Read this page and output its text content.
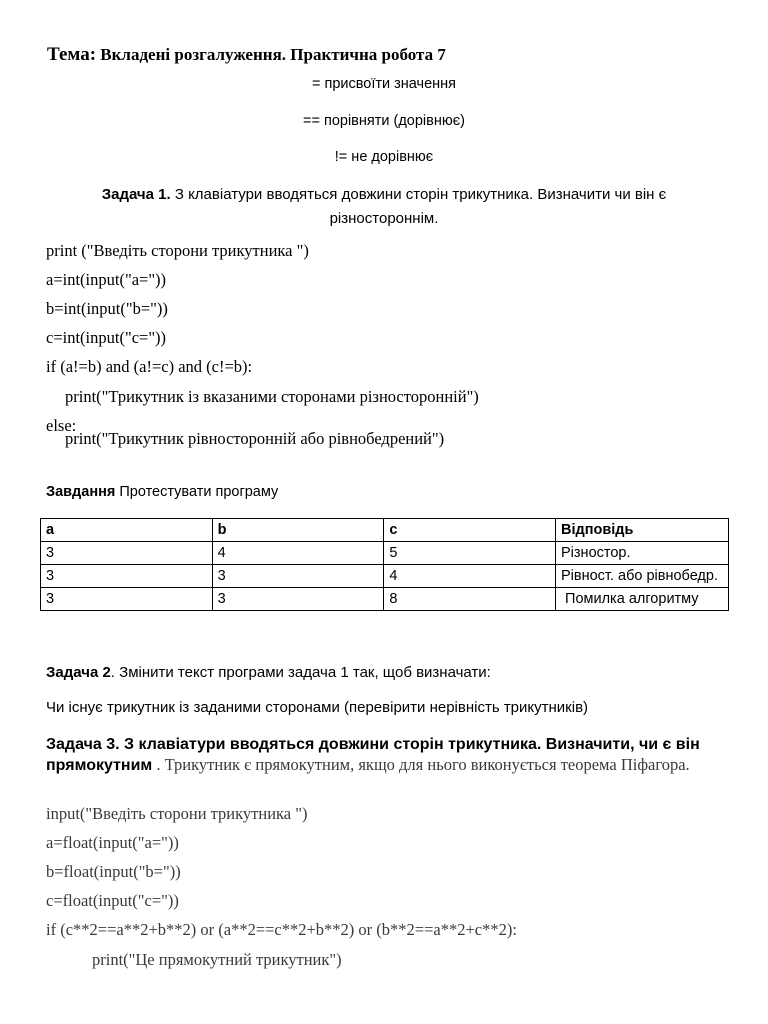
Тема: Вкладені розгалуження. Практична робота 7
= присвоїти значення
== порівняти (дорівнює)
!= не дорівнює
Задача 1. З клавіатури вводяться довжини сторін трикутника. Визначити чи він є різностороннім.
print ("Введіть сторони трикутника ")
a=int(input("a="))
b=int(input("b="))
c=int(input("c="))
if (a!=b) and (a!=c) and (c!=b):
print("Трикутник із вказаними сторонами різносторонній")
else:
print("Трикутник рівносторонній або рівнобедрений")
Завдання Протестувати програму
a	b	c	Відповідь
3	4	5	Різностор.
3	3	4	Рівност. або рівнобедр.
3	3	8	Помилка алгоритму
Задача 2. Змінити текст програми задача 1 так, щоб визначати:
Чи існує трикутник із заданими сторонами (перевірити нерівність трикутників)
Задача 3. З клавіатури вводяться довжини сторін трикутника. Визначити, чи є він прямокутним . Трикутник є прямокутним, якщо для нього виконується теорема Піфагора.
input("Введіть сторони трикутника ")
a=float(input("a="))
b=float(input("b="))
c=float(input("c="))
if (c**2==a**2+b**2) or (a**2==c**2+b**2) or (b**2==a**2+c**2):
print("Це прямокутний трикутник")
